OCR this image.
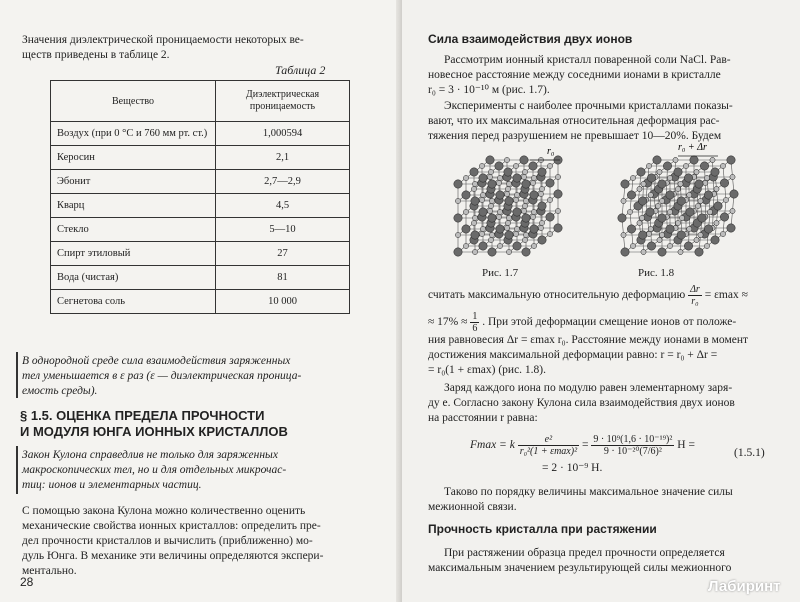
Значения диэлектрической проницаемости некоторых ве-
ществ приведены в таблице 2.
Таблица 2
Вещество	Диэлектрическая
проницаемость
Воздух (при 0 °С и 760 мм рт. ст.)	1,000594
Керосин	2,1
Эбонит	2,7—2,9
Кварц	4,5
Стекло	5—10
Спирт этиловый	27
Вода (чистая)	81
Сегнетова соль	10 000
В однородной среде сила взаимодействия заряженных
тел уменьшается в ε раз (ε — диэлектрическая проница-
емость среды).
§ 1.5. ОЦЕНКА ПРЕДЕЛА ПРОЧНОСТИ
И МОДУЛЯ ЮНГА ИОННЫХ КРИСТАЛЛОВ
Закон Кулона справедлив не только для заряженных
макроскопических тел, но и для отдельных микрочас-
тиц: ионов и элементарных частиц.
С помощью закона Кулона можно количественно оценить
механические свойства ионных кристаллов: определить пре-
дел прочности кристаллов и вычислить (приближенно) мо-
дуль Юнга. В механике эти величины определяются экспери-
ментально.
28
Сила взаимодействия двух ионов
Рассмотрим ионный кристалл поваренной соли NaCl. Рав-
новесное расстояние между соседними ионами в кристалле
r₀ = 3 · 10⁻¹⁰ м (рис. 1.7).
Эксперименты с наиболее прочными кристаллами показы-
вают, что их максимальная относительная деформация рас-
тяжения перед разрушением не превышает 10—20%. Будем
r₀	r₀ + Δr
Рис. 1.7	Рис. 1.8
считать максимальную относительную деформацию $\frac{\Delta r}{\text{r₀}} = \varepsilon\max$ ≈
≈ $17\% \approx \frac{1}{6}$ . При этой деформации смещение ионов от положе-
ния равновесия Δr = εmax r₀. Расстояние между ионами в момент
достижения максимальной деформации равно: r = r₀ + Δr =
= r₀(1 + εmax) (рис. 1.8).
Заряд каждого иона по модулю равен элементарному заря-
ду e. Согласно закону Кулона сила взаимодействия двух ионов
на расстоянии r равна:
Fmax = k $\frac{\text{e²}}{\text{r₀²(1 + εmax)²}} = \frac{\text{9 · 10⁹(1,6 · 10⁻¹⁹)²}}{\text{9 · 10⁻²⁰(7/6)²}}$ Н =
= 2 · 10⁻⁹ Н.
(1.5.1)
Таково по порядку величины максимальное значение силы
межионной связи.
Прочность кристалла при растяжении
При растяжении образца предел прочности определяется
максимальным значением результирующей силы межионного
Лабиринт
